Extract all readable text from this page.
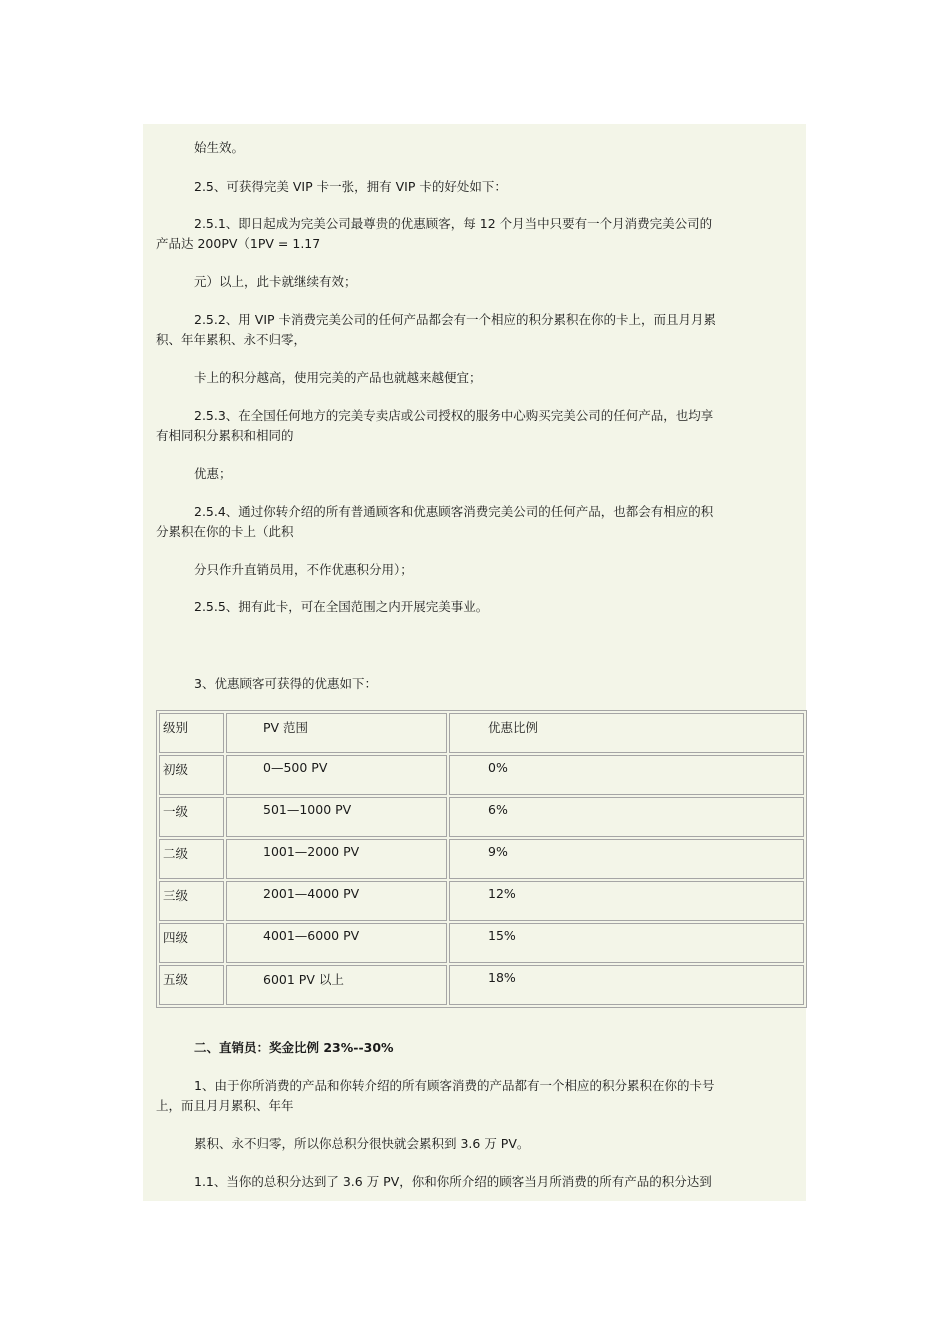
始生效。

2.5、可获得完美 VIP 卡一张，拥有 VIP 卡的好处如下：

2.5.1、即日起成为完美公司最尊贵的优惠顾客，每 12 个月当中只要有一个月消费完美公司的

产品达 200PV（1PV = 1.17

元）以上，此卡就继续有效；

2.5.2、用 VIP 卡消费完美公司的任何产品都会有一个相应的积分累积在你的卡上，而且月月累

积、年年累积、永不归零，

卡上的积分越高，使用完美的产品也就越来越便宜；

2.5.3、在全国任何地方的完美专卖店或公司授权的服务中心购买完美公司的任何产品，也均享

有相同积分累积和相同的

优惠；

2.5.4、通过你转介绍的所有普通顾客和优惠顾客消费完美公司的任何产品，也都会有相应的积

分累积在你的卡上（此积

分只作升直销员用，不作优惠积分用）；

2.5.5、拥有此卡，可在全国范围之内开展完美事业。

3、优惠顾客可获得的优惠如下：

级别	PV 范围	优惠比例
初级	0—500 PV	0%
一级	501—1000 PV	6%
二级	1001—2000 PV	9%
三级	2001—4000 PV	12%
四级	4001—6000 PV	15%
五级	6001 PV 以上	18%

二、直销员：奖金比例 23%--30%

1、由于你所消费的产品和你转介绍的所有顾客消费的产品都有一个相应的积分累积在你的卡号

上，而且月月累积、年年

累积、永不归零，所以你总积分很快就会累积到 3.6 万 PV。

1.1、当你的总积分达到了 3.6 万 PV，你和你所介绍的顾客当月所消费的所有产品的积分达到
